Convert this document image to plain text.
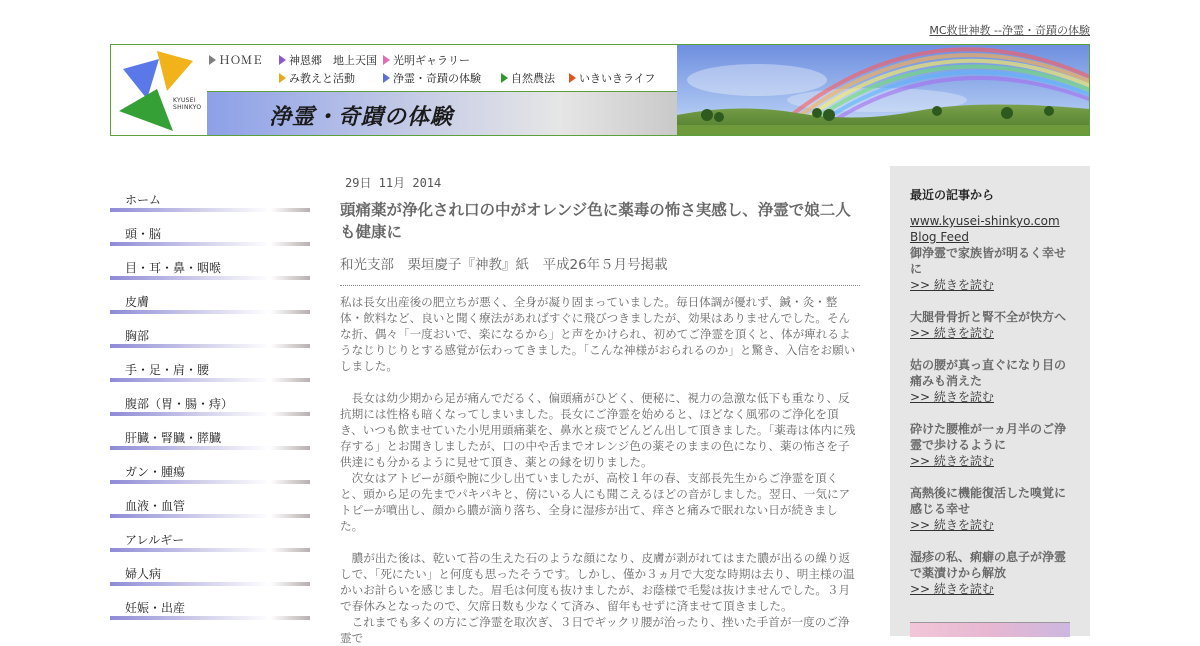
MC救世神教 --浄霊・奇蹟の体験
KYUSEI
SHINKYO
ＨＯＭＥ	神恩郷　地上天国	光明ギャラリー
み教えと活動	浄霊・奇蹟の体験	自然農法	いきいきライフ
浄霊・奇蹟の体験
ホーム
頭・脳
目・耳・鼻・咽喉
皮膚
胸部
手・足・肩・腰
腹部（胃・腸・痔）
肝臓・腎臓・膵臓
ガン・腫瘍
血液・血管
アレルギー
婦人病
妊娠・出産
29日 11月 2014
頭痛薬が浄化され口の中がオレンジ色に薬毒の怖さ実感し、浄霊で娘二人も健康に
和光支部　栗垣慶子『神教』紙　平成26年５月号掲載

私は長女出産後の肥立ちが悪く、全身が凝り固まっていました。毎日体調が優れず、鍼・灸・整体・飲料など、良いと聞く療法があればすぐに飛びつきましたが、効果はありませんでした。そんな折、偶々「一度おいで、楽になるから」と声をかけられ、初めてご浄霊を頂くと、体が痺れるようなじりじりとする感覚が伝わってきました。「こんな神様がおられるのか」と驚き、入信をお願いしました。

　長女は幼少期から足が痛んでだるく、偏頭痛がひどく、便秘に、視力の急激な低下も重なり、反抗期には性格も暗くなってしまいました。長女にご浄霊を始めると、ほどなく風邪のご浄化を頂き、いつも飲ませていた小児用頭痛薬を、鼻水と痰でどんどん出して頂きました。「薬毒は体内に残存する」とお聞きしましたが、口の中や舌までオレンジ色の薬そのままの色になり、薬の怖さを子供達にも分かるように見せて頂き、薬との縁を切りました。

　次女はアトピーが顔や腕に少し出ていましたが、高校１年の春、支部長先生からご浄霊を頂くと、頭から足の先までパキパキと、傍にいる人にも聞こえるほどの音がしました。翌日、一気にアトピーが噴出し、顔から膿が滴り落ち、全身に湿疹が出て、痒さと痛みで眠れない日が続きました。

　膿が出た後は、乾いて苔の生えた石のような顔になり、皮膚が剥がれてはまた膿が出るの繰り返しで、「死にたい」と何度も思ったそうです。しかし、僅か３ヵ月で大変な時期は去り、明主様の温かいお計らいを感じました。眉毛は何度も抜けましたが、お蔭様で毛髪は抜けませんでした。３月で春休みとなったので、欠席日数も少なくて済み、留年もせずに済ませて頂きました。

　これまでも多くの方にご浄霊を取次ぎ、３日でギックリ腰が治ったり、挫いた手首が一度のご浄霊で

最近の記事から
www.kyusei-shinkyo.com
Blog Feed
御浄霊で家族皆が明るく幸せに
>> 続きを読む
大腿骨骨折と腎不全が快方へ
>> 続きを読む
姑の腰が真っ直ぐになり目の痛みも消えた
>> 続きを読む
砕けた腰椎が一ヵ月半のご浄霊で歩けるように
>> 続きを読む
高熱後に機能復活した嗅覚に感じる幸せ
>> 続きを読む
湿疹の私、痢癖の息子が浄霊で薬漬けから解放
>> 続きを読む
